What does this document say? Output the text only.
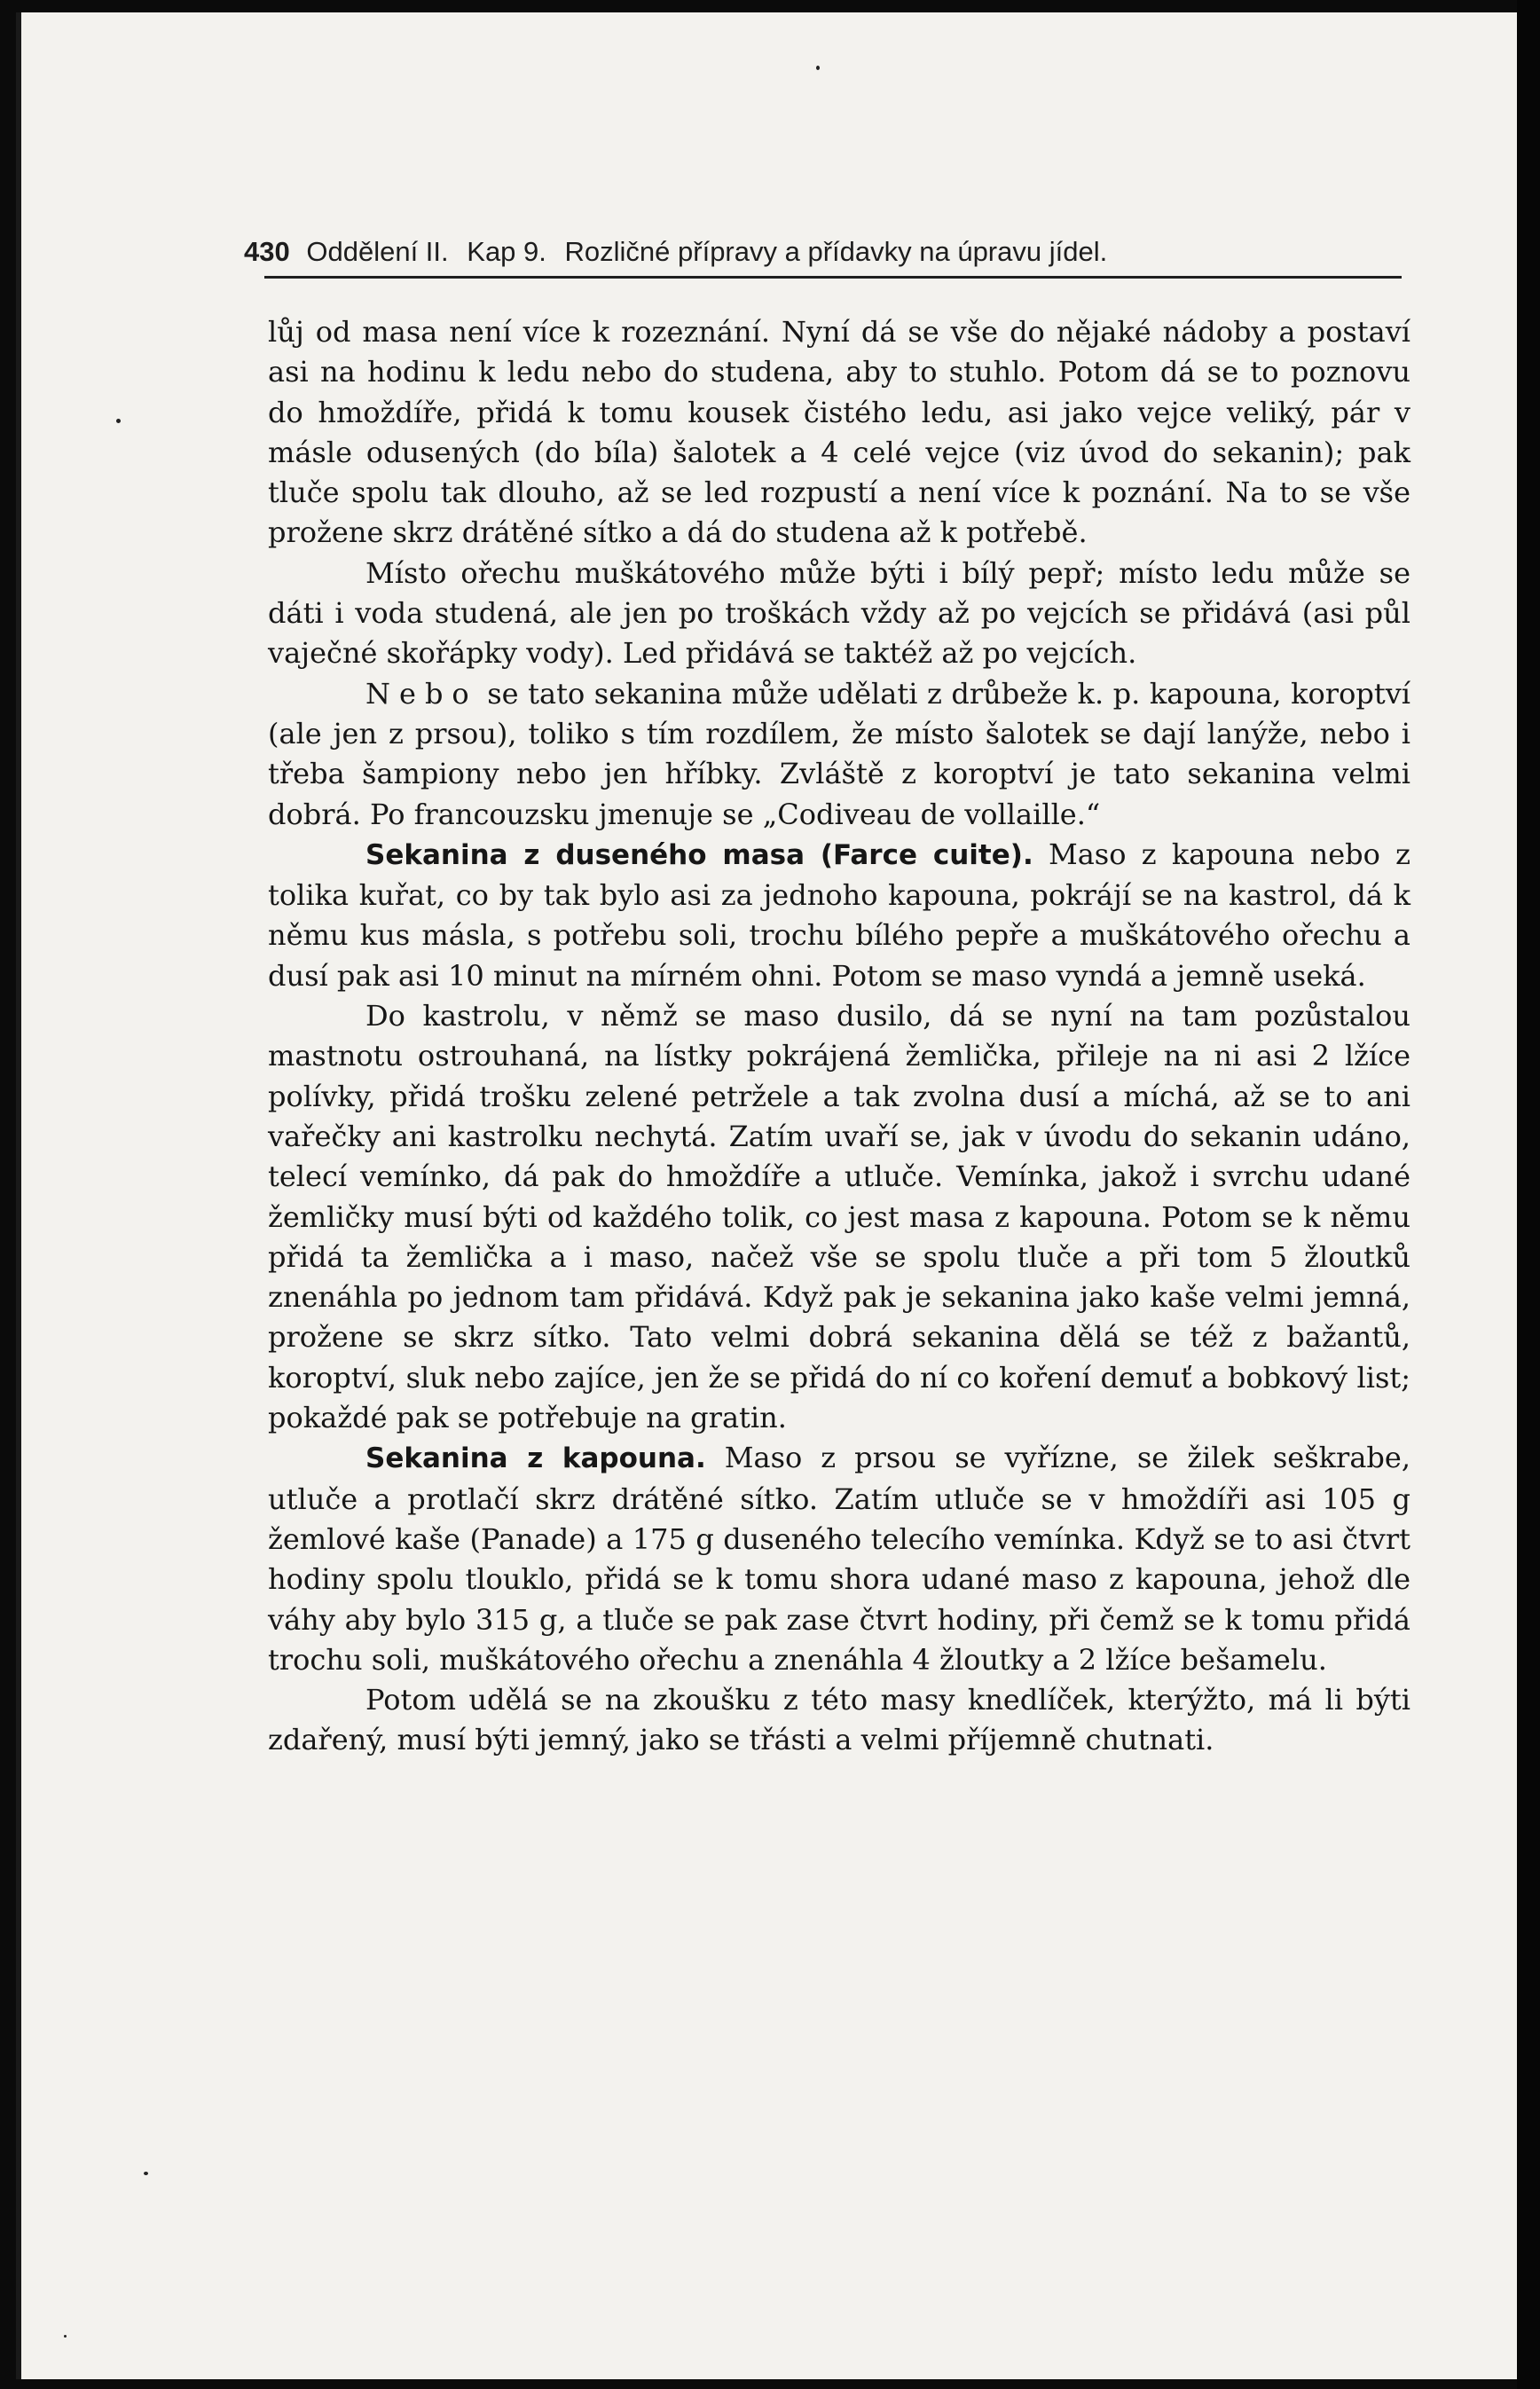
430 Oddělení II. Kap 9. Rozličné přípravy a přídavky na úpravu jídel.

lůj od masa není více k rozeznání. Nyní dá se vše do nějaké nádoby a postaví asi na hodinu k ledu nebo do studena, aby to stuhlo. Potom dá se to poznovu do hmoždíře, přidá k tomu kousek čistého ledu, asi jako vejce veliký, pár v másle odusených (do bíla) šalotek a 4 celé vejce (viz úvod do sekanin); pak tluče spolu tak dlouho, až se led rozpustí a není více k poznání. Na to se vše prožene skrz drátěné sítko a dá do studena až k potřebě.

Místo ořechu muškátového může býti i bílý pepř; místo ledu může se dáti i voda studená, ale jen po troškách vždy až po vejcích se přidává (asi půl vaječné skořápky vody). Led přidává se taktéž až po vejcích.

Nebo se tato sekanina může udělati z drůbeže k. p. kapouna, koroptví (ale jen z prsou), toliko s tím rozdílem, že místo šalotek se dají lanýže, nebo i třeba šampiony nebo jen hříbky. Zvláště z koroptví je tato sekanina velmi dobrá. Po francouzsku jmenuje se „Codiveau de vollaille.“

Sekanina z duseného masa (Farce cuite). Maso z kapouna nebo z tolika kuřat, co by tak bylo asi za jednoho kapouna, pokrájí se na kastrol, dá k němu kus másla, s potřebu soli, trochu bílého pepře a muškátového ořechu a dusí pak asi 10 minut na mírném ohni. Potom se maso vyndá a jemně useká.

Do kastrolu, v němž se maso dusilo, dá se nyní na tam pozůstalou mastnotu ostrouhaná, na lístky pokrájená žemlička, přileje na ni asi 2 lžíce polívky, přidá trošku zelené petržele a tak zvolna dusí a míchá, až se to ani vařečky ani kastrolku nechytá. Zatím uvaří se, jak v úvodu do sekanin udáno, telecí vemínko, dá pak do hmoždíře a utluče. Vemínka, jakož i svrchu udané žemličky musí býti od každého tolik, co jest masa z kapouna. Potom se k němu přidá ta žemlička a i maso, načež vše se spolu tluče a při tom 5 žloutků znenáhla po jednom tam přidává. Když pak je sekanina jako kaše velmi jemná, prožene se skrz sítko. Tato velmi dobrá sekanina dělá se též z bažantů, koroptví, sluk nebo zajíce, jen že se přidá do ní co koření demuť a bobkový list; pokaždé pak se potřebuje na gratin.

Sekanina z kapouna. Maso z prsou se vyřízne, se žilek seškrabe, utluče a protlačí skrz drátěné sítko. Zatím utluče se v hmoždíři asi 105 g žemlové kaše (Panade) a 175 g duseného telecího vemínka. Když se to asi čtvrt hodiny spolu tlouklo, přidá se k tomu shora udané maso z kapouna, jehož dle váhy aby bylo 315 g, a tluče se pak zase čtvrt hodiny, při čemž se k tomu přidá trochu soli, muškátového ořechu a znenáhla 4 žloutky a 2 lžíce bešamelu.

Potom udělá se na zkoušku z této masy knedlíček, kterýžto, má li býti zdařený, musí býti jemný, jako se třásti a velmi příjemně chutnati.
